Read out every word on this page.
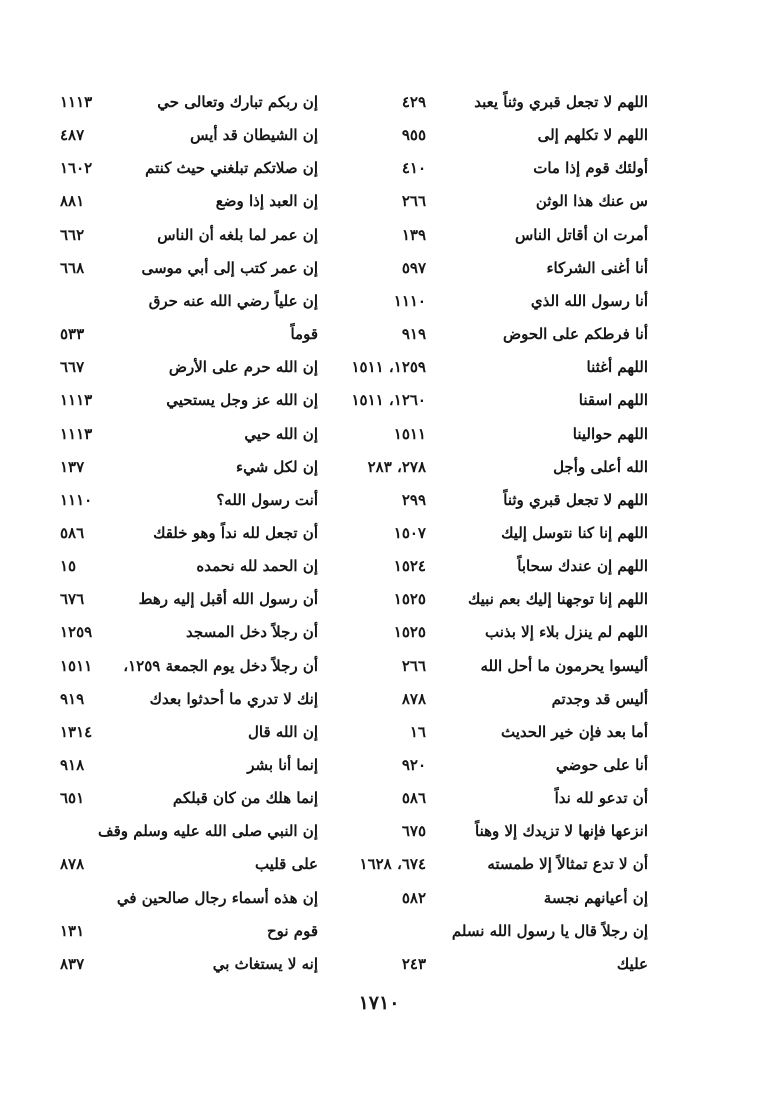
اللهم لا تجعل قبري وثناً يعبد
٤٢٩
إن ربكم تبارك وتعالى حي
١١١٣
اللهم لا تكلهم إلى
٩٥٥
إن الشيطان قد أيس
٤٨٧
أولئك قوم إذا مات
٤١٠
إن صلاتكم تبلغني حيث كنتم
١٦٠٢
س عنك هذا الوثن
٢٦٦
إن العبد إذا وضع
٨٨١
أمرت ان أقاتل الناس
١٣٩
إن عمر لما بلغه أن الناس
٦٦٢
أنا أغنى الشركاء
٥٩٧
إن عمر كتب إلى أبي موسى
٦٦٨
أنا رسول الله الذي
١١١٠
إن علياً رضي الله عنه حرق
أنا فرطكم على الحوض
٩١٩
قوماً
٥٣٣
اللهم أغثنا
١٢٥٩، ١٥١١
إن الله حرم على الأرض
٦٦٧
اللهم اسقنا
١٢٦٠، ١٥١١
إن الله عز وجل يستحيي
١١١٣
اللهم حوالينا
١٥١١
إن الله حيي
١١١٣
الله أعلى وأجل
٢٧٨، ٢٨٣
إن لكل شيء
١٣٧
اللهم لا تجعل قبري وثناً
٢٩٩
أنت رسول الله؟
١١١٠
اللهم إنا كنا نتوسل إليك
١٥٠٧
أن تجعل لله نداً وهو خلقك
٥٨٦
اللهم إن عندك سحاباً
١٥٢٤
إن الحمد لله نحمده
١٥
اللهم إنا توجهنا إليك بعم نبيك
١٥٢٥
أن رسول الله أقبل إليه رهط
٦٧٦
اللهم لم ينزل بلاء إلا بذنب
١٥٢٥
أن رجلاً دخل المسجد
١٢٥٩
أليسوا يحرمون ما أحل الله
٢٦٦
أن رجلاً دخل يوم الجمعة ١٢٥٩،
١٥١١
أليس قد وجدتم
٨٧٨
إنك لا تدري ما أحدثوا بعدك
٩١٩
أما بعد فإن خير الحديث
١٦
إن الله قال
١٣١٤
أنا على حوضي
٩٢٠
إنما أنا بشر
٩١٨
أن تدعو لله نداً
٥٨٦
إنما هلك من كان قبلكم
٦٥١
انزعها فإنها لا تزيدك إلا وهناً
٦٧٥
إن النبي صلى الله عليه وسلم وقف
أن لا تدع تمثالاً إلا طمسته
٦٧٤، ١٦٢٨
على قليب
٨٧٨
إن أعيانهم نجسة
٥٨٢
إن هذه أسماء رجال صالحين في
إن رجلاً قال يا رسول الله نسلم
قوم نوح
١٣١
عليك
٢٤٣
إنه لا يستغاث بي
٨٣٧
١٧١٠
